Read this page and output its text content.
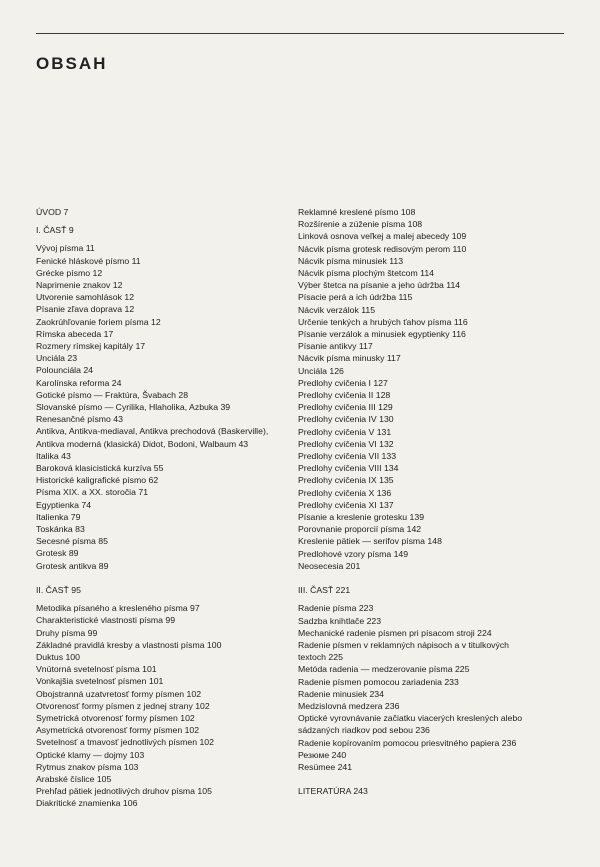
OBSAH
ÚVOD 7
I. ČASŤ 9
Vývoj písma 11
Fenické hláskové písmo 11
Grécke písmo 12
Naprimenie znakov 12
Utvorenie samohlások 12
Písanie zľava doprava 12
Zaokrúhľovanie foriem písma 12
Rímska abeceda 17
Rozmery rímskej kapitály 17
Unciála 23
Polounciála 24
Karolínska reforma 24
Gotické písmo — Fraktúra, Švabach 28
Slovanské písmo — Cyrilika, Hlaholika, Azbuka 39
Renesančné písmo 43
Antikva, Antikva-mediaval, Antikva prechodová (Baskerville),
Antikva moderná (klasická) Didot, Bodoni, Walbaum 43
Italika 43
Baroková klasicistická kurzíva 55
Historické kaligrafické písmo 62
Písma XIX. a XX. storočia 71
Egyptienka 74
Italienka 79
Toskánka 83
Secesné písma 85
Grotesk 89
Grotesk antikva 89
II. ČASŤ 95
Metodika písaného a kresleného písma 97
Charakteristické vlastnosti písma 99
Druhy písma 99
Základné pravidlá kresby a vlastnosti písma 100
Duktus 100
Vnútorná svetelnosť písma 101
Vonkajšia svetelnosť písmen 101
Obojstranná uzatvretosť formy písmen 102
Otvorenosť formy písmen z jednej strany 102
Symetrická otvorenosť formy písmen 102
Asymetrická otvorenosť formy písmen 102
Svetelnosť a tmavosť jednotlivých písmen 102
Optické klamy — dojmy 103
Rytmus znakov písma 103
Arabské číslice 105
Prehľad pätiek jednotlivých druhov písma 105
Diakritické znamienka 106
Reklamné kreslené písmo 108
Rozšírenie a zúženie písma 108
Linková osnova veľkej a malej abecedy 109
Nácvik písma grotesk redisovým perom 110
Nácvik písma minusiek 113
Nácvik písma plochým štetcom 114
Výber štetca na písanie a jeho údržba 114
Písacie perá a ich údržba 115
Nácvik verzálok 115
Určenie tenkých a hrubých ťahov písma 116
Písanie verzálok a minusiek egyptienky 116
Písanie antikvy 117
Nácvik písma minusky 117
Unciála 126
Predlohy cvičenia I 127
Predlohy cvičenia II 128
Predlohy cvičenia III 129
Predlohy cvičenia IV 130
Predlohy cvičenia V 131
Predlohy cvičenia VI 132
Predlohy cvičenia VII 133
Predlohy cvičenia VIII 134
Predlohy cvičenia IX 135
Predlohy cvičenia X 136
Predlohy cvičenia XI 137
Písanie a kreslenie grotesku 139
Porovnanie proporcií písma 142
Kreslenie pätiek — serifov písma 148
Predlohové vzory písma 149
Neosecesia 201
III. ČASŤ 221
Radenie písma 223
Sadzba knihtlače 223
Mechanické radenie písmen pri písacom stroji 224
Radenie písmen v reklamných nápisoch a v titulkových
textoch 225
Metóda radenia — medzerovanie písma 225
Radenie písmen pomocou zariadenia 233
Radenie minusiek 234
Medzislovná medzera 236
Optické vyrovnávanie začiatku viacerých kreslených alebo
sádzaných riadkov pod sebou 236
Radenie kopírovaním pomocou priesvitného papiera 236
Резюме 240
Resümee 241
LITERATÚRA 243
